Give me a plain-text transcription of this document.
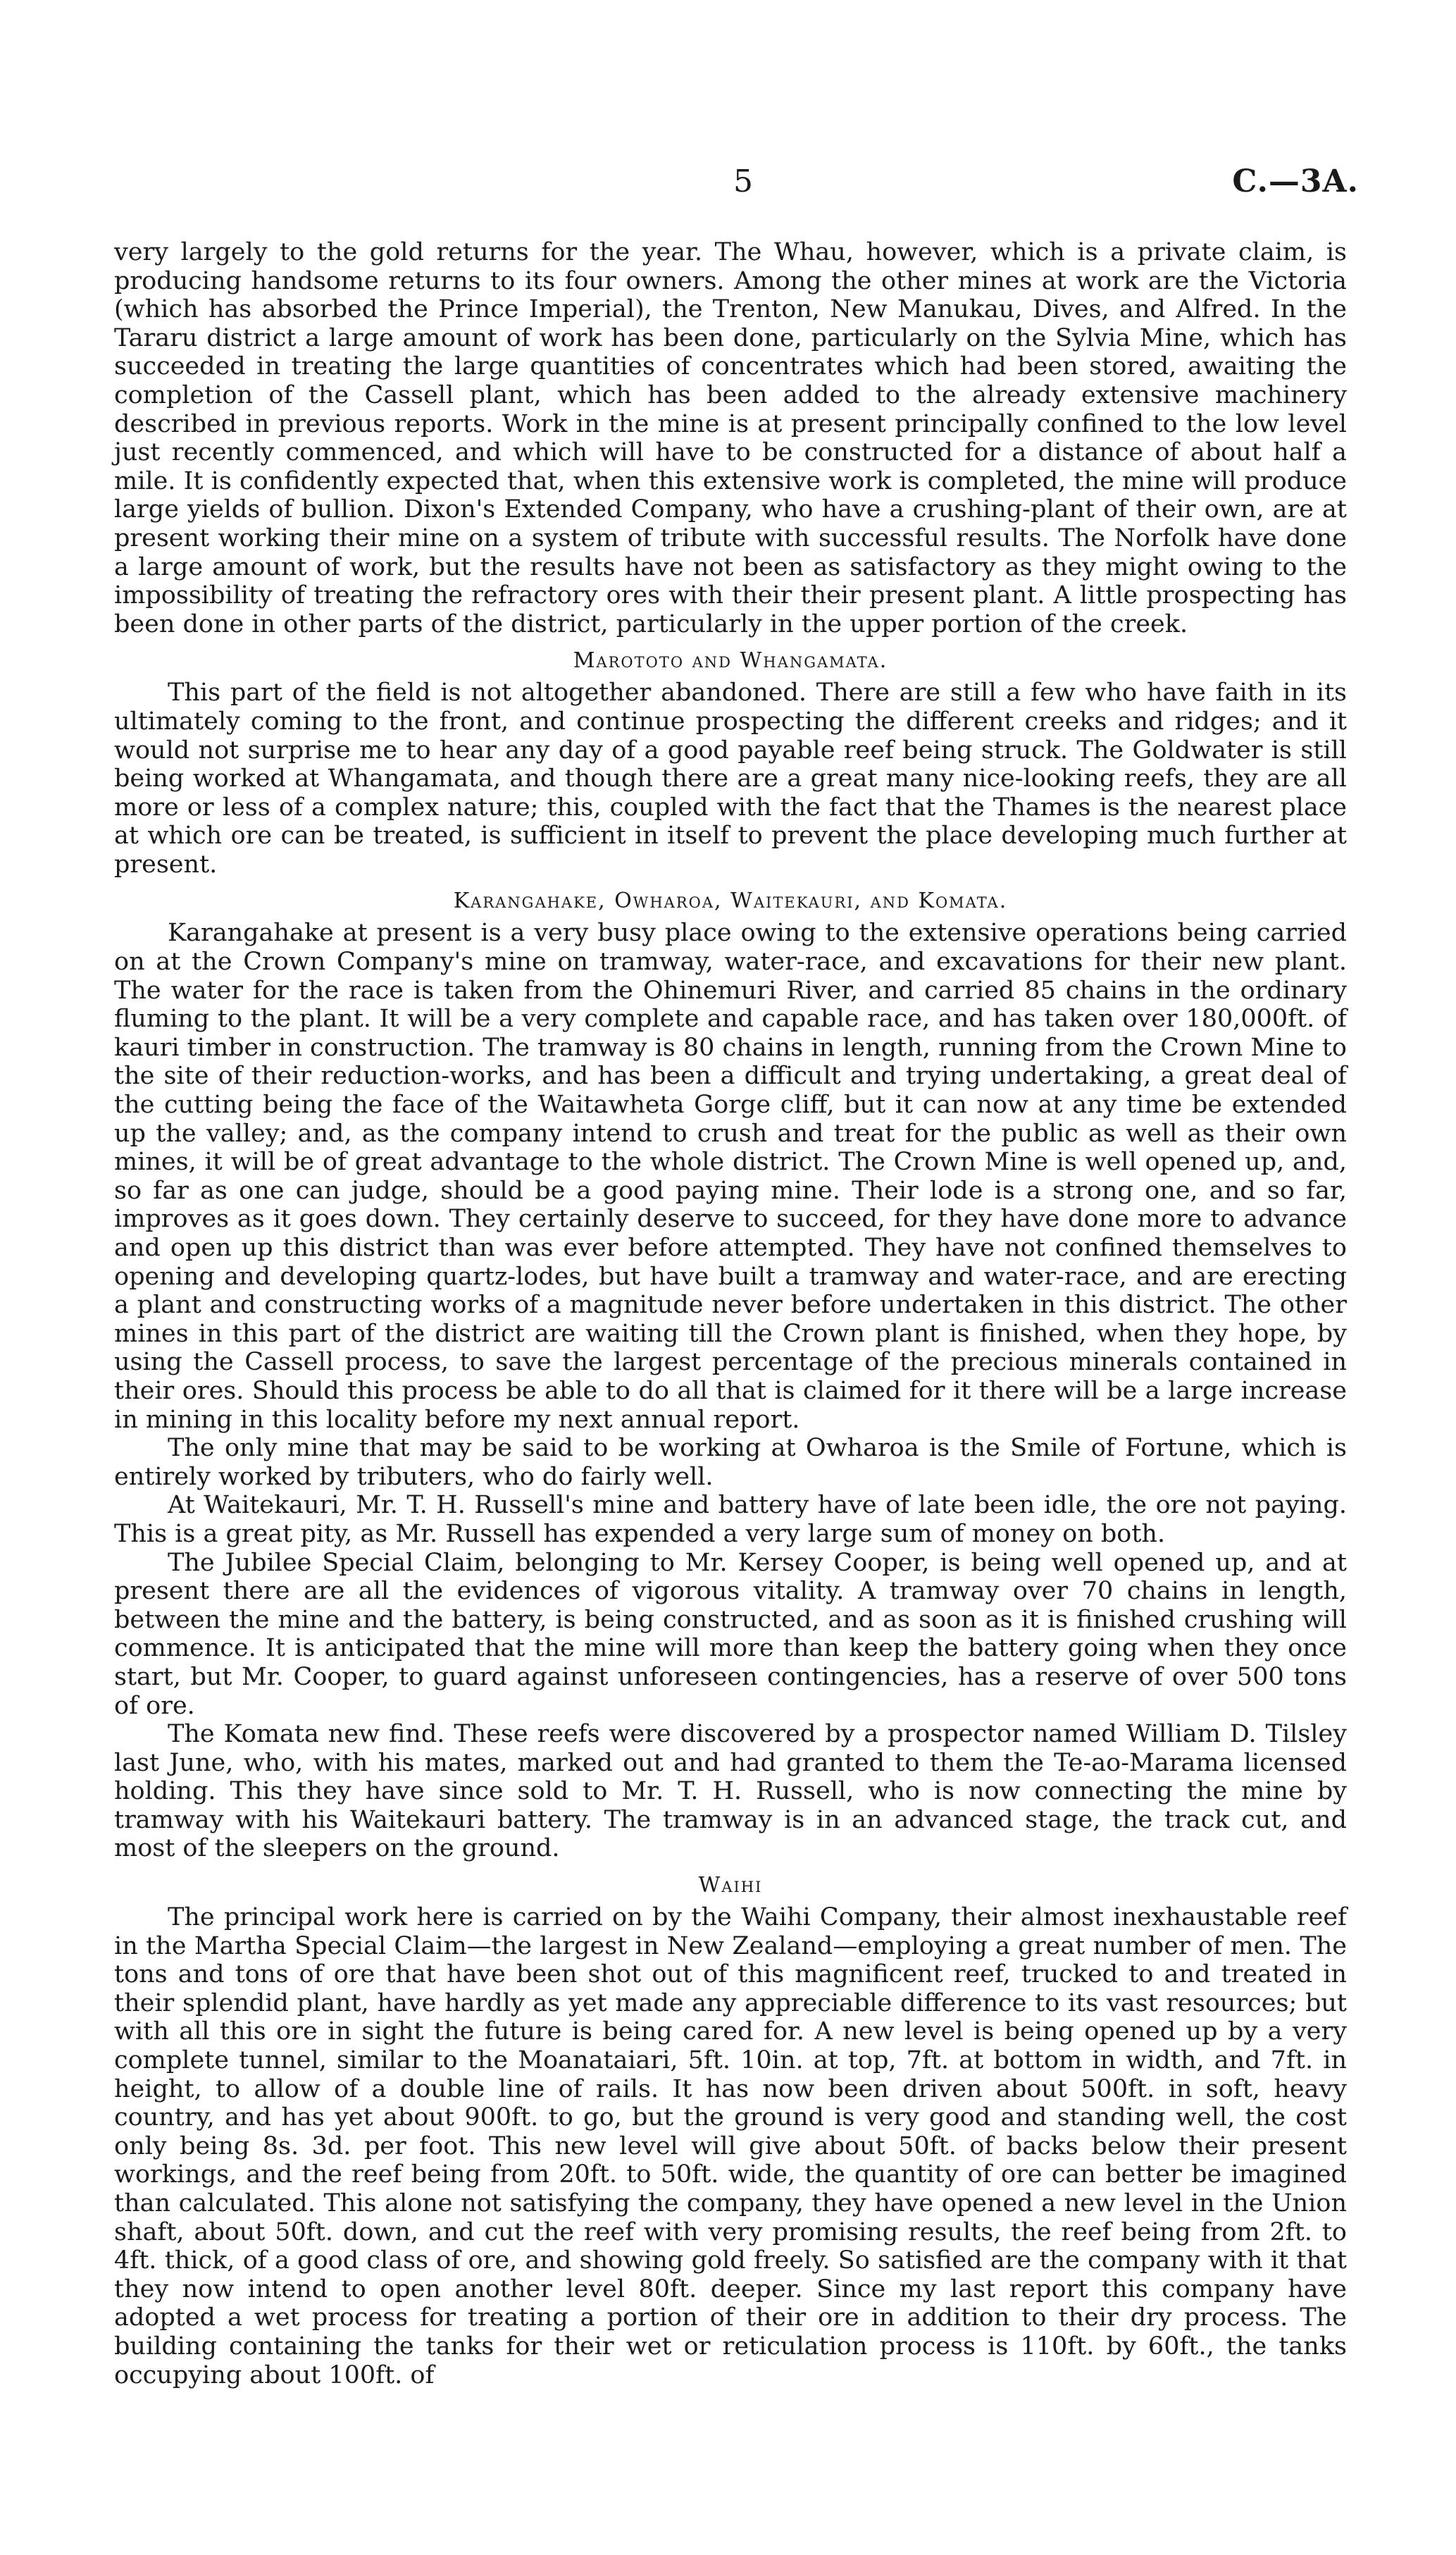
5	C.—3A.

very largely to the gold returns for the year. The Whau, however, which is a private claim, is producing handsome returns to its four owners. Among the other mines at work are the Victoria (which has absorbed the Prince Imperial), the Trenton, New Manukau, Dives, and Alfred. In the Tararu district a large amount of work has been done, particularly on the Sylvia Mine, which has succeeded in treating the large quantities of concentrates which had been stored, awaiting the completion of the Cassell plant, which has been added to the already extensive machinery described in previous reports. Work in the mine is at present principally confined to the low level just recently commenced, and which will have to be constructed for a distance of about half a mile. It is confidently expected that, when this extensive work is completed, the mine will produce large yields of bullion. Dixon's Extended Company, who have a crushing-plant of their own, are at present working their mine on a system of tribute with successful results. The Norfolk have done a large amount of work, but the results have not been as satisfactory as they might owing to the impossibility of treating the refractory ores with their their present plant. A little prospecting has been done in other parts of the district, particularly in the upper portion of the creek.

Marototo and Whangamata.

This part of the field is not altogether abandoned. There are still a few who have faith in its ultimately coming to the front, and continue prospecting the different creeks and ridges; and it would not surprise me to hear any day of a good payable reef being struck. The Goldwater is still being worked at Whangamata, and though there are a great many nice-looking reefs, they are all more or less of a complex nature; this, coupled with the fact that the Thames is the nearest place at which ore can be treated, is sufficient in itself to prevent the place developing much further at present.

Karangahake, Owharoa, Waitekauri, and Komata.

Karangahake at present is a very busy place owing to the extensive operations being carried on at the Crown Company's mine on tramway, water-race, and excavations for their new plant. The water for the race is taken from the Ohinemuri River, and carried 85 chains in the ordinary fluming to the plant. It will be a very complete and capable race, and has taken over 180,000ft. of kauri timber in construction. The tramway is 80 chains in length, running from the Crown Mine to the site of their reduction-works, and has been a difficult and trying undertaking, a great deal of the cutting being the face of the Waitawheta Gorge cliff, but it can now at any time be extended up the valley; and, as the company intend to crush and treat for the public as well as their own mines, it will be of great advantage to the whole district. The Crown Mine is well opened up, and, so far as one can judge, should be a good paying mine. Their lode is a strong one, and so far, improves as it goes down. They certainly deserve to succeed, for they have done more to advance and open up this district than was ever before attempted. They have not confined themselves to opening and developing quartz-lodes, but have built a tramway and water-race, and are erecting a plant and constructing works of a magnitude never before undertaken in this district. The other mines in this part of the district are waiting till the Crown plant is finished, when they hope, by using the Cassell process, to save the largest percentage of the precious minerals contained in their ores. Should this process be able to do all that is claimed for it there will be a large increase in mining in this locality before my next annual report.

The only mine that may be said to be working at Owharoa is the Smile of Fortune, which is entirely worked by tributers, who do fairly well.

At Waitekauri, Mr. T. H. Russell's mine and battery have of late been idle, the ore not paying. This is a great pity, as Mr. Russell has expended a very large sum of money on both.

The Jubilee Special Claim, belonging to Mr. Kersey Cooper, is being well opened up, and at present there are all the evidences of vigorous vitality. A tramway over 70 chains in length, between the mine and the battery, is being constructed, and as soon as it is finished crushing will commence. It is anticipated that the mine will more than keep the battery going when they once start, but Mr. Cooper, to guard against unforeseen contingencies, has a reserve of over 500 tons of ore.

The Komata new find. These reefs were discovered by a prospector named William D. Tilsley last June, who, with his mates, marked out and had granted to them the Te-ao-Marama licensed holding. This they have since sold to Mr. T. H. Russell, who is now connecting the mine by tramway with his Waitekauri battery. The tramway is in an advanced stage, the track cut, and most of the sleepers on the ground.

Waihi

The principal work here is carried on by the Waihi Company, their almost inexhaustable reef in the Martha Special Claim—the largest in New Zealand—employing a great number of men. The tons and tons of ore that have been shot out of this magnificent reef, trucked to and treated in their splendid plant, have hardly as yet made any appreciable difference to its vast resources; but with all this ore in sight the future is being cared for. A new level is being opened up by a very complete tunnel, similar to the Moanataiari, 5ft. 10in. at top, 7ft. at bottom in width, and 7ft. in height, to allow of a double line of rails. It has now been driven about 500ft. in soft, heavy country, and has yet about 900ft. to go, but the ground is very good and standing well, the cost only being 8s. 3d. per foot. This new level will give about 50ft. of backs below their present workings, and the reef being from 20ft. to 50ft. wide, the quantity of ore can better be imagined than calculated. This alone not satisfying the company, they have opened a new level in the Union shaft, about 50ft. down, and cut the reef with very promising results, the reef being from 2ft. to 4ft. thick, of a good class of ore, and showing gold freely. So satisfied are the company with it that they now intend to open another level 80ft. deeper. Since my last report this company have adopted a wet process for treating a portion of their ore in addition to their dry process. The building containing the tanks for their wet or reticulation process is 110ft. by 60ft., the tanks occupying about 100ft. of
